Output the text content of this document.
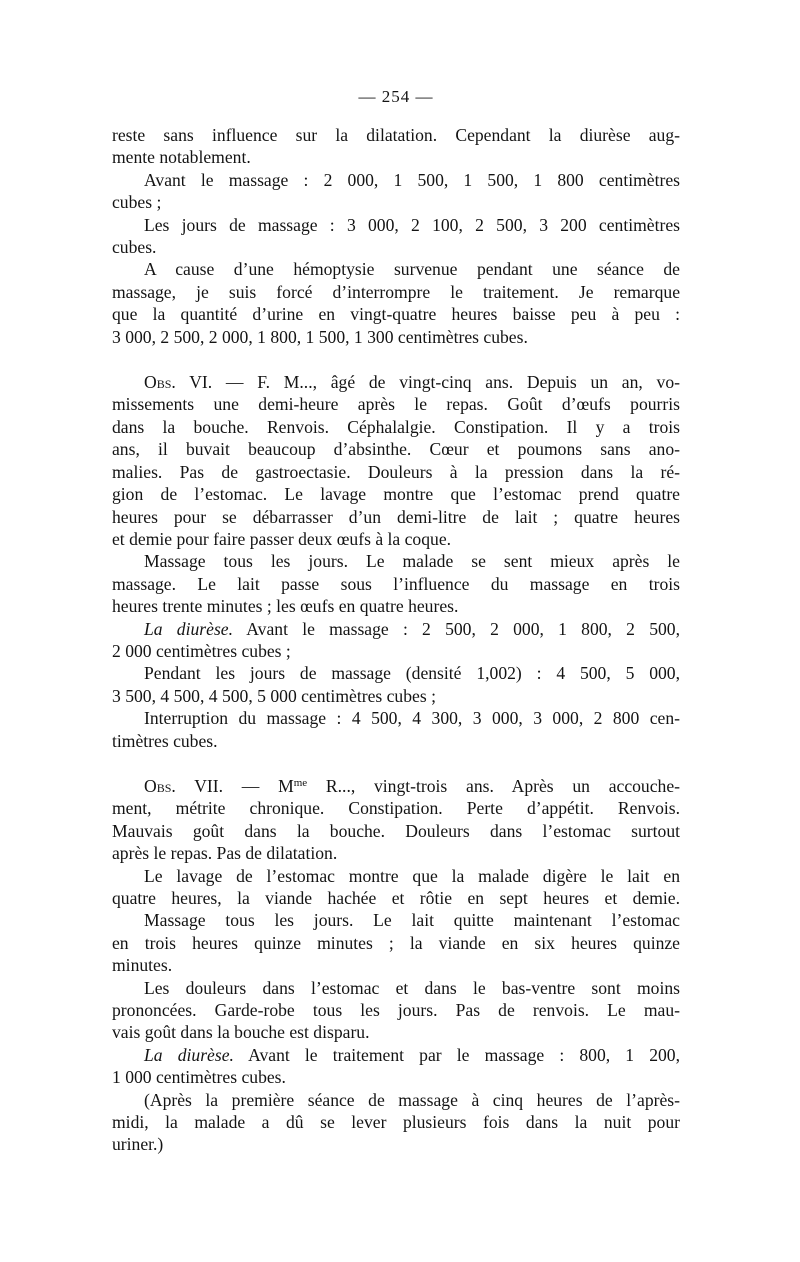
— 254 —
reste sans influence sur la dilatation. Cependant la diurèse aug-
mente notablement.
Avant le massage : 2 000, 1 500, 1 500, 1 800 centimètres
cubes ;
Les jours de massage : 3 000, 2 100, 2 500, 3 200 centimètres
cubes.
A cause d’une hémoptysie survenue pendant une séance de
massage, je suis forcé d’interrompre le traitement. Je remarque
que la quantité d’urine en vingt-quatre heures baisse peu à peu :
3 000, 2 500, 2 000, 1 800, 1 500, 1 300 centimètres cubes.
Obs. VI. — F. M..., âgé de vingt-cinq ans. Depuis un an, vo-
missements une demi-heure après le repas. Goût d’œufs pourris
dans la bouche. Renvois. Céphalalgie. Constipation. Il y a trois
ans, il buvait beaucoup d’absinthe. Cœur et poumons sans ano-
malies. Pas de gastroectasie. Douleurs à la pression dans la ré-
gion de l’estomac. Le lavage montre que l’estomac prend quatre
heures pour se débarrasser d’un demi-litre de lait ; quatre heures
et demie pour faire passer deux œufs à la coque.
Massage tous les jours. Le malade se sent mieux après le
massage. Le lait passe sous l’influence du massage en trois
heures trente minutes ; les œufs en quatre heures.
La diurèse. Avant le massage : 2 500, 2 000, 1 800, 2 500,
2 000 centimètres cubes ;
Pendant les jours de massage (densité 1,002) : 4 500, 5 000,
3 500, 4 500, 4 500, 5 000 centimètres cubes ;
Interruption du massage : 4 500, 4 300, 3 000, 3 000, 2 800 cen-
timètres cubes.
Obs. VII. — $M^{me}$ R..., vingt-trois ans. Après un accouche-
ment, métrite chronique. Constipation. Perte d’appétit. Renvois.
Mauvais goût dans la bouche. Douleurs dans l’estomac surtout
après le repas. Pas de dilatation.
Le lavage de l’estomac montre que la malade digère le lait en
quatre heures, la viande hachée et rôtie en sept heures et demie.
Massage tous les jours. Le lait quitte maintenant l’estomac
en trois heures quinze minutes ; la viande en six heures quinze
minutes.
Les douleurs dans l’estomac et dans le bas-ventre sont moins
prononcées. Garde-robe tous les jours. Pas de renvois. Le mau-
vais goût dans la bouche est disparu.
La diurèse. Avant le traitement par le massage : 800, 1 200,
1 000 centimètres cubes.
(Après la première séance de massage à cinq heures de l’après-
midi, la malade a dû se lever plusieurs fois dans la nuit pour
uriner.)
